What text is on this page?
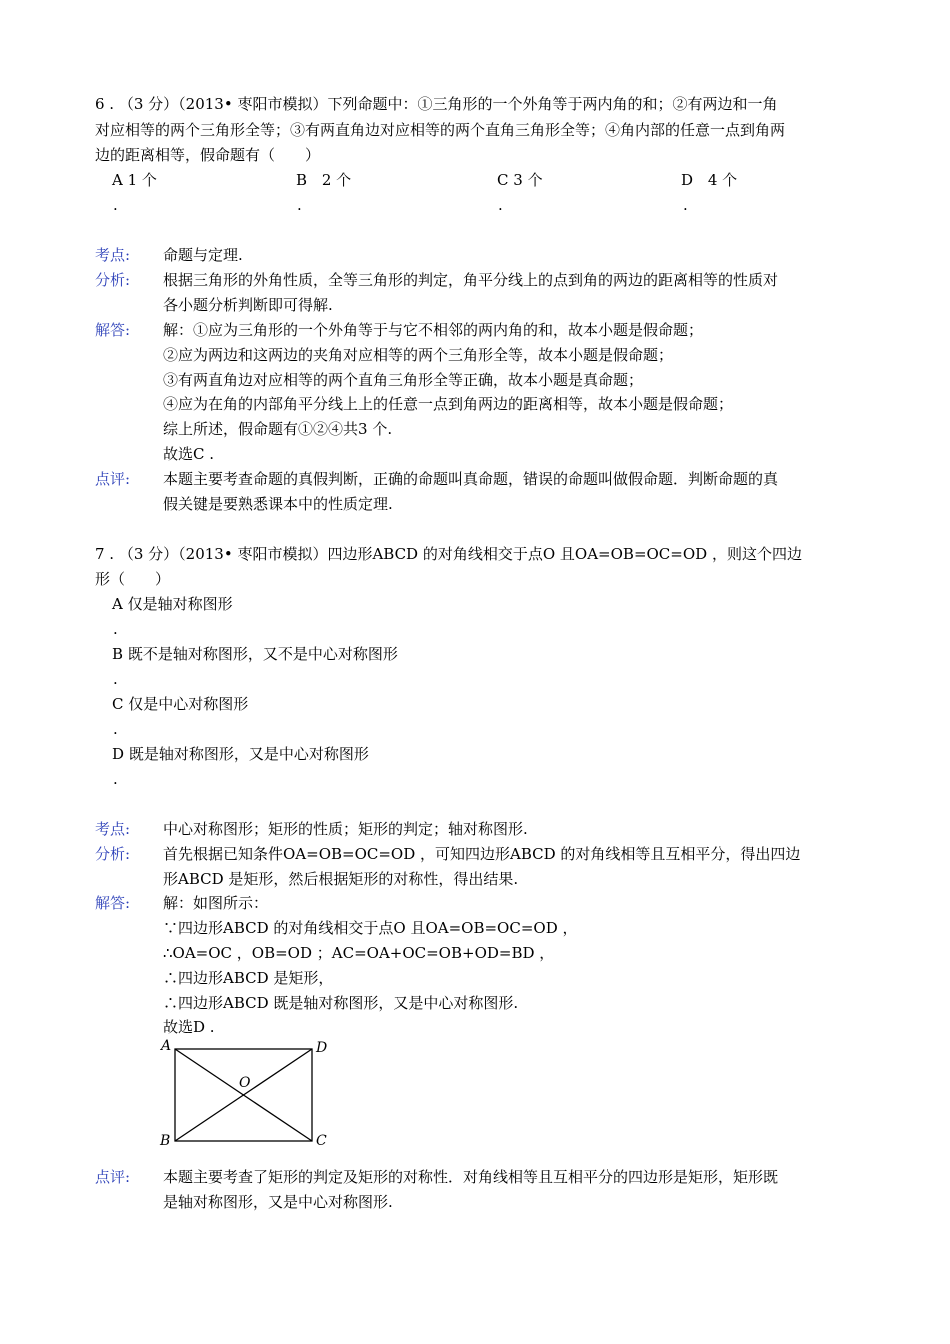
6 . （3 分）（2013• 枣阳市模拟）下列命题中：①三角形的一个外角等于两内角的和；②有两边和一角
对应相等的两个三角形全等；③有两直角边对应相等的两个直角三角形全等；④角内部的任意一点到角两
边的距离相等，假命题有（　　）
A 1 个
.
B 2 个
.
C 3 个
.
D 4 个
.
考点: 命题与定理.
分析: 根据三角形的外角性质，全等三角形的判定，角平分线上的点到角的两边的距离相等的性质对
各小题分析判断即可得解.
解答: 解：①应为三角形的一个外角等于与它不相邻的两内角的和，故本小题是假命题；
②应为两边和这两边的夹角对应相等的两个三角形全等，故本小题是假命题；
③有两直角边对应相等的两个直角三角形全等正确，故本小题是真命题；
④应为在角的内部角平分线上上的任意一点到角两边的距离相等，故本小题是假命题；
综上所述，假命题有①②④共3 个.
故选C .
点评: 本题主要考查命题的真假判断，正确的命题叫真命题，错误的命题叫做假命题．判断命题的真
假关键是要熟悉课本中的性质定理.
7 . （3 分）（2013• 枣阳市模拟）四边形ABCD 的对角线相交于点O 且OA=OB=OC=OD ，则这个四边
形（　　）
A 仅是轴对称图形
.
B 既不是轴对称图形，又不是中心对称图形
.
C 仅是中心对称图形
.
D 既是轴对称图形，又是中心对称图形
.
考点: 中心对称图形；矩形的性质；矩形的判定；轴对称图形.
分析: 首先根据已知条件OA=OB=OC=OD ，可知四边形ABCD 的对角线相等且互相平分，得出四边
形ABCD 是矩形，然后根据矩形的对称性，得出结果.
解答: 解：如图所示：
∵四边形ABCD 的对角线相交于点O 且OA=OB=OC=OD ，
∴OA=OC ，OB=OD ；AC=OA+OC=OB+OD=BD ，
∴四边形ABCD 是矩形，
∴四边形ABCD 既是轴对称图形，又是中心对称图形.
故选D .
A	D
B	C
O
点评: 本题主要考查了矩形的判定及矩形的对称性．对角线相等且互相平分的四边形是矩形，矩形既
是轴对称图形，又是中心对称图形.
